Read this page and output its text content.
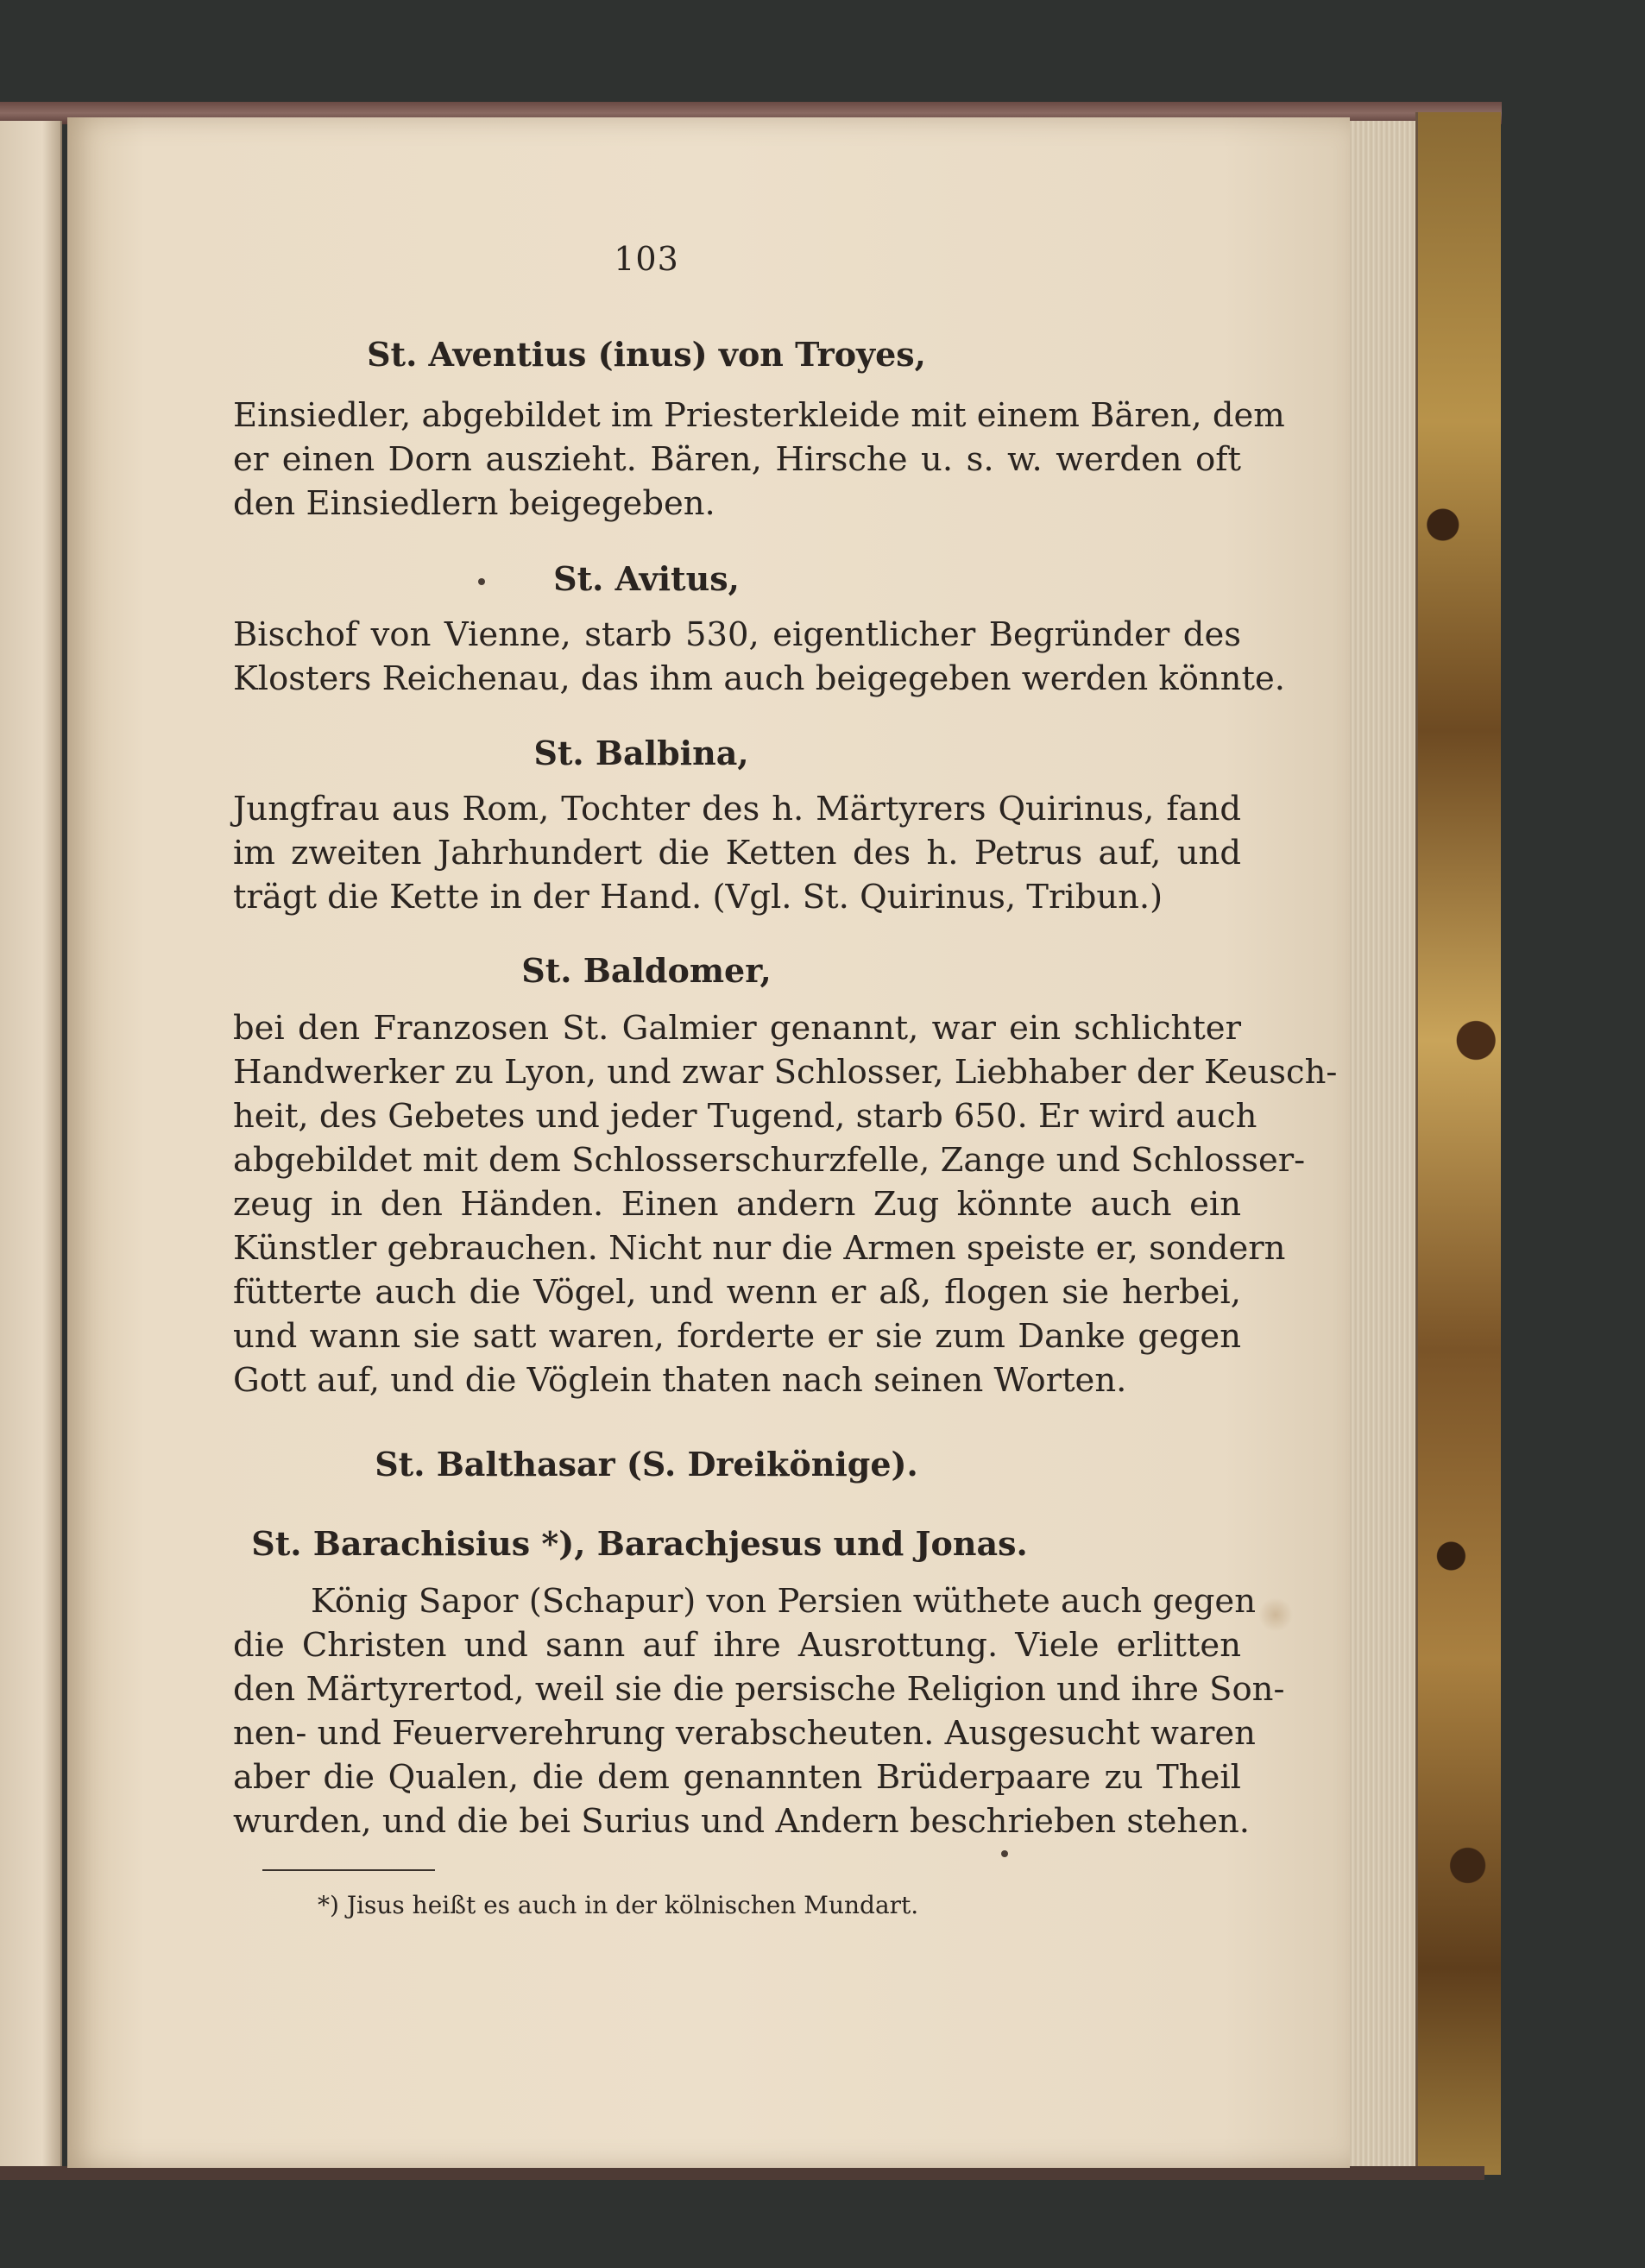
103
St. Aventius (inus) von Troyes,
Einsiedler, abgebildet im Priesterkleide mit einem Bären, dem
er einen Dorn auszieht. Bären, Hirsche u. s. w. werden oft
den Einsiedlern beigegeben.
St. Avitus,
Bischof von Vienne, starb 530, eigentlicher Begründer des
Klosters Reichenau, das ihm auch beigegeben werden könnte.
St. Balbina,
Jungfrau aus Rom, Tochter des h. Märtyrers Quirinus, fand
im zweiten Jahrhundert die Ketten des h. Petrus auf, und
trägt die Kette in der Hand. (Vgl. St. Quirinus, Tribun.)
St. Baldomer,
bei den Franzosen St. Galmier genannt, war ein schlichter
Handwerker zu Lyon, und zwar Schlosser, Liebhaber der Keusch-
heit, des Gebetes und jeder Tugend, starb 650. Er wird auch
abgebildet mit dem Schlosserschurzfelle, Zange und Schlosser-
zeug in den Händen. Einen andern Zug könnte auch ein
Künstler gebrauchen. Nicht nur die Armen speiste er, sondern
fütterte auch die Vögel, und wenn er aß, flogen sie herbei,
und wann sie satt waren, forderte er sie zum Danke gegen
Gott auf, und die Vöglein thaten nach seinen Worten.
St. Balthasar (S. Dreikönige).
St. Barachisius *), Barachjesus und Jonas.
König Sapor (Schapur) von Persien wüthete auch gegen
die Christen und sann auf ihre Ausrottung. Viele erlitten
den Märtyrertod, weil sie die persische Religion und ihre Son-
nen- und Feuerverehrung verabscheuten. Ausgesucht waren
aber die Qualen, die dem genannten Brüderpaare zu Theil
wurden, und die bei Surius und Andern beschrieben stehen.
*) Jisus heißt es auch in der kölnischen Mundart.
